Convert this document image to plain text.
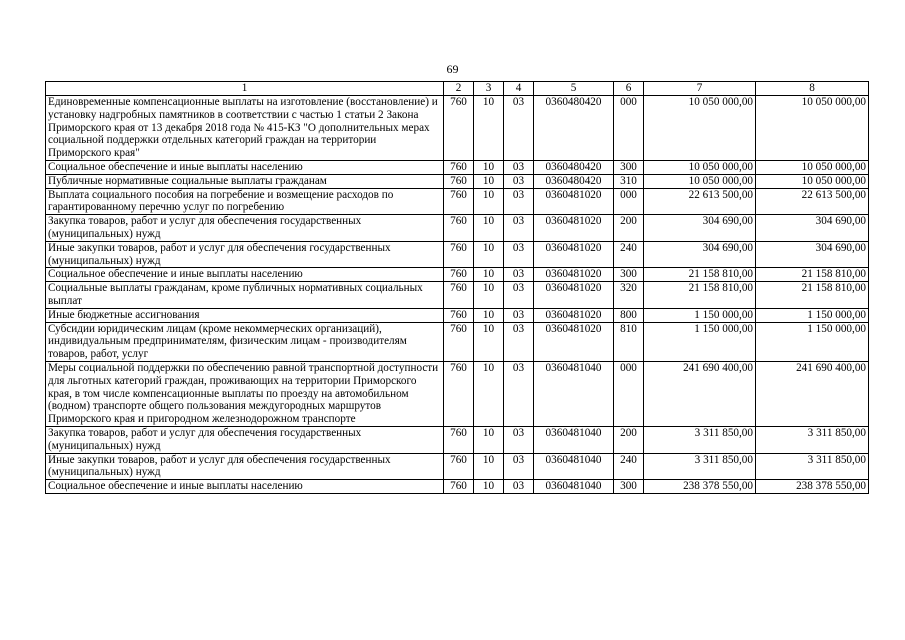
69
1	2	3	4	5	6	7	8
Единовременные компенсационные выплаты на изготовление (восстановление) и установку надгробных памятников в соответствии с частью 1 статьи 2 Закона Приморского края от 13 декабря 2018 года № 415-КЗ "О дополнительных мерах социальной поддержки отдельных категорий граждан на территории Приморского края"	760	10	03	0360480420	000	10 050 000,00	10 050 000,00
Социальное обеспечение и иные выплаты населению	760	10	03	0360480420	300	10 050 000,00	10 050 000,00
Публичные нормативные социальные выплаты гражданам	760	10	03	0360480420	310	10 050 000,00	10 050 000,00
Выплата социального пособия на погребение и возмещение расходов по гарантированному перечню услуг по погребению	760	10	03	0360481020	000	22 613 500,00	22 613 500,00
Закупка товаров, работ и услуг для обеспечения государственных (муниципальных) нужд	760	10	03	0360481020	200	304 690,00	304 690,00
Иные закупки товаров, работ и услуг для обеспечения государственных (муниципальных) нужд	760	10	03	0360481020	240	304 690,00	304 690,00
Социальное обеспечение и иные выплаты населению	760	10	03	0360481020	300	21 158 810,00	21 158 810,00
Социальные выплаты гражданам, кроме публичных нормативных социальных выплат	760	10	03	0360481020	320	21 158 810,00	21 158 810,00
Иные бюджетные ассигнования	760	10	03	0360481020	800	1 150 000,00	1 150 000,00
Субсидии юридическим лицам (кроме некоммерческих организаций), индивидуальным предпринимателям, физическим лицам - производителям товаров, работ, услуг	760	10	03	0360481020	810	1 150 000,00	1 150 000,00
Меры социальной поддержки по обеспечению равной транспортной доступности для льготных категорий граждан, проживающих на территории Приморского края, в том числе компенсационные выплаты по проезду на автомобильном (водном) транспорте общего пользования междугородных маршрутов Приморского края и пригородном железнодорожном транспорте	760	10	03	0360481040	000	241 690 400,00	241 690 400,00
Закупка товаров, работ и услуг для обеспечения государственных (муниципальных) нужд	760	10	03	0360481040	200	3 311 850,00	3 311 850,00
Иные закупки товаров, работ и услуг для обеспечения государственных (муниципальных) нужд	760	10	03	0360481040	240	3 311 850,00	3 311 850,00
Социальное обеспечение и иные выплаты населению	760	10	03	0360481040	300	238 378 550,00	238 378 550,00
